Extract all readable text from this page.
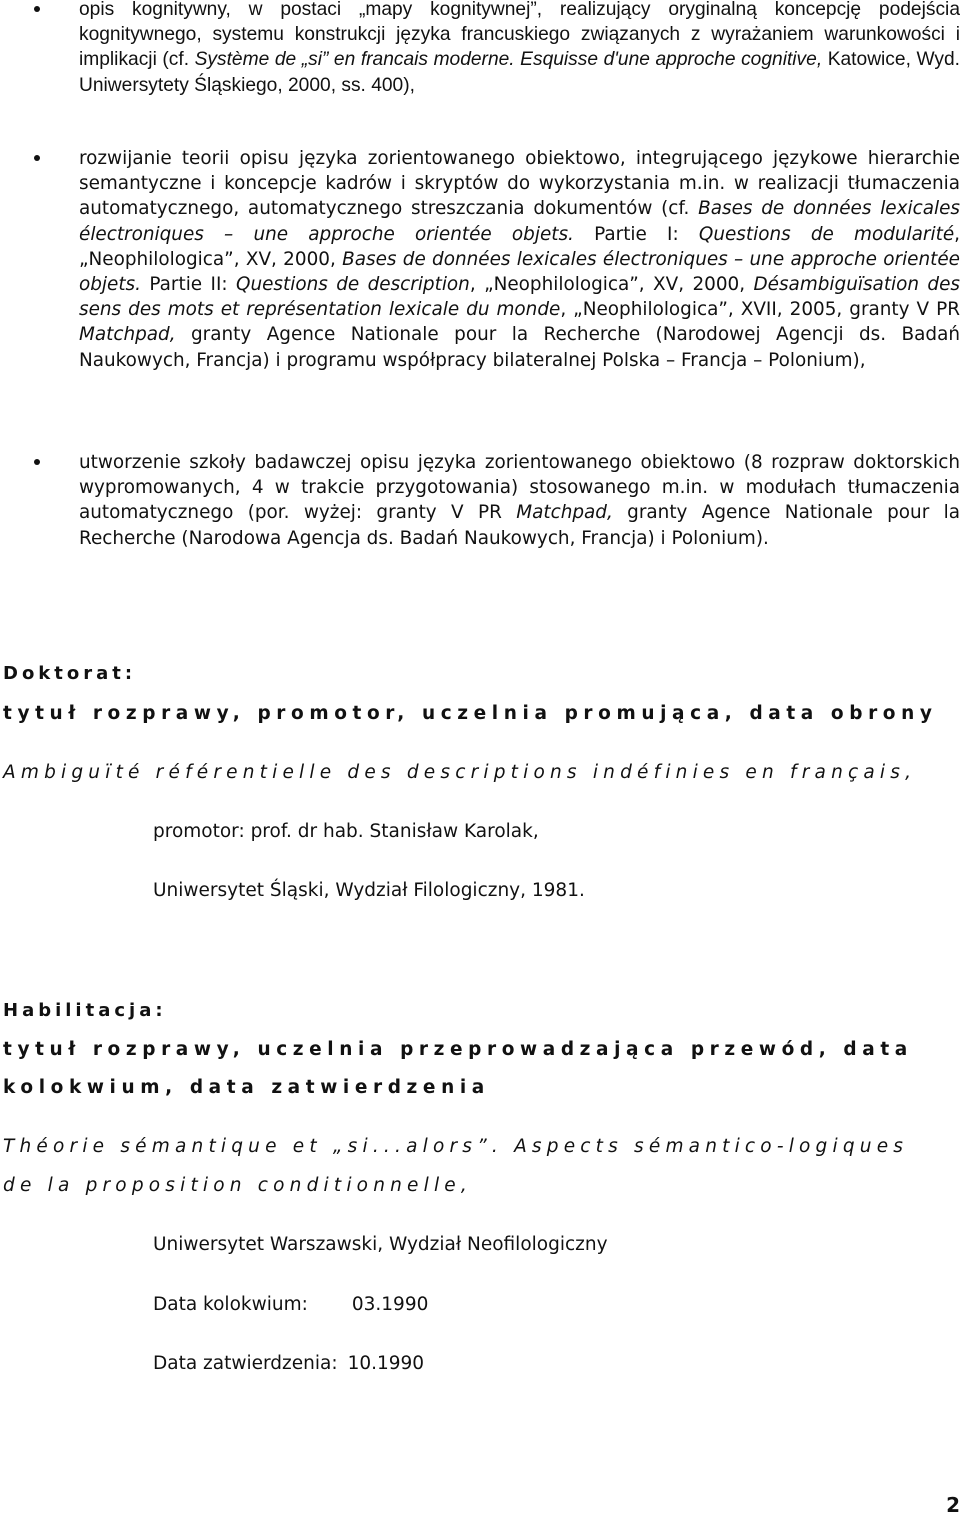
opis kognitywny, w postaci „mapy kognitywnej”, realizujący oryginalną koncepcję podejścia kognitywnego, systemu konstrukcji języka francuskiego związanych z wyrażaniem warunkowości i implikacji (cf. Système de „si” en francais moderne. Esquisse d'une approche cognitive, Katowice, Wyd. Uniwersytety Śląskiego, 2000, ss. 400),
rozwijanie teorii opisu języka zorientowanego obiektowo, integrującego językowe hierarchie semantyczne i koncepcje kadrów i skryptów do wykorzystania m.in. w realizacji tłumaczenia automatycznego, automatycznego streszczania dokumentów (cf. Bases de données lexicales électroniques – une approche orientée objets. Partie I: Questions de modularité, „Neophilologica”, XV, 2000, Bases de données lexicales électroniques – une approche orientée objets. Partie II: Questions de description, „Neophilologica”, XV, 2000, Désambiguïsation des sens des mots et représentation lexicale du monde, „Neophilologica”, XVII, 2005, granty V PR Matchpad, granty Agence Nationale pour la Recherche (Narodowej Agencji ds. Badań Naukowych, Francja) i programu współpracy bilateralnej Polska – Francja – Polonium),
utworzenie szkoły badawczej opisu języka zorientowanego obiektowo (8 rozpraw doktorskich wypromowanych, 4 w trakcie przygotowania) stosowanego m.in. w modułach tłumaczenia automatycznego (por. wyżej: granty V PR Matchpad, granty Agence Nationale pour la Recherche (Narodowa Agencja ds. Badań Naukowych, Francja) i Polonium).
Doktorat:
tytuł rozprawy, promotor, uczelnia promująca, data obrony
Ambiguïté référentielle des descriptions indéfinies en français,
promotor: prof. dr hab. Stanisław Karolak,
Uniwersytet Śląski, Wydział Filologiczny, 1981.
Habilitacja:
tytuł rozprawy, uczelnia przeprowadzająca przewód, data
kolokwium, data zatwierdzenia
Théorie sémantique et „si...alors”. Aspects sémantico-logiques
de la proposition conditionnelle,
Uniwersytet Warszawski, Wydział Neofilologiczny
Data kolokwium: 03.1990
Data zatwierdzenia: 10.1990
2
